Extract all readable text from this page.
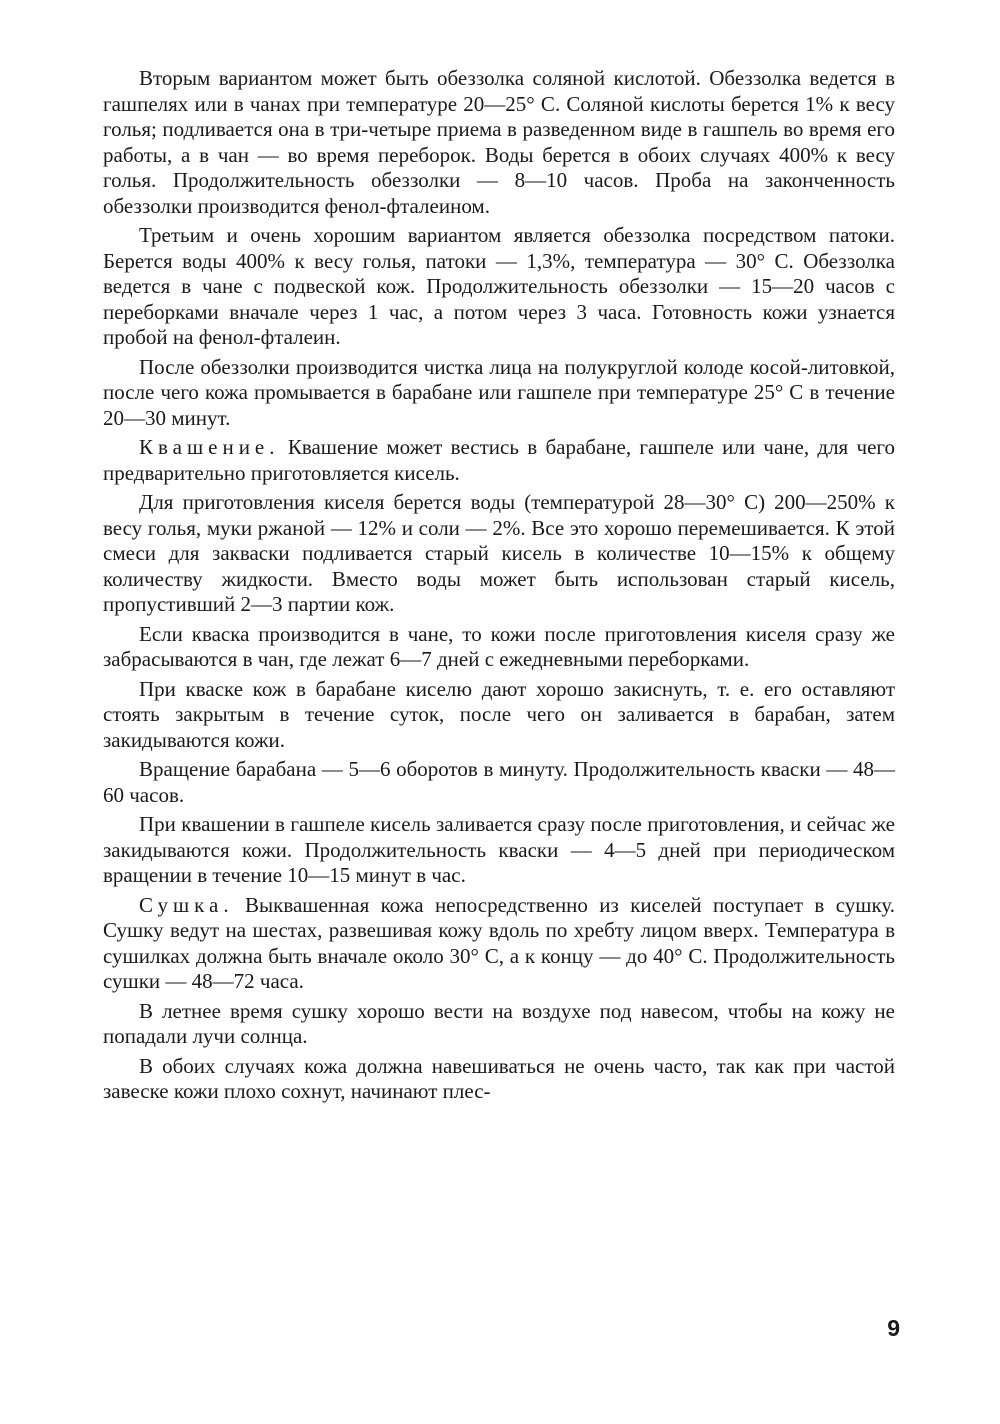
Вторым вариантом может быть обеззолка соляной кислотой. Обеззолка ведется в гашпелях или в чанах при температуре 20—25° С. Соляной кислоты берется 1% к весу голья; подливается она в три-четыре приема в разведенном виде в гашпель во время его работы, а в чан — во время переборок. Воды берется в обоих случаях 400% к весу голья. Продолжительность обеззолки — 8—10 часов. Проба на законченность обеззолки производится фенол-фталеином.

Третьим и очень хорошим вариантом является обеззолка посредством патоки. Берется воды 400% к весу голья, патоки — 1,3%, температура — 30° С. Обеззолка ведется в чане с подвеской кож. Продолжительность обеззолки — 15—20 часов с переборками вначале через 1 час, а потом через 3 часа. Готовность кожи узнается пробой на фенол-фталеин.

После обеззолки производится чистка лица на полукруглой колоде косой-литовкой, после чего кожа промывается в барабане или гашпеле при температуре 25° С в течение 20—30 минут.

Квашение. Квашение может вестись в барабане, гашпеле или чане, для чего предварительно приготовляется кисель.

Для приготовления киселя берется воды (температурой 28—30° С) 200—250% к весу голья, муки ржаной — 12% и соли — 2%. Все это хорошо перемешивается. К этой смеси для закваски подливается старый кисель в количестве 10—15% к общему количеству жидкости. Вместо воды может быть использован старый кисель, пропустивший 2—3 партии кож.

Если кваска производится в чане, то кожи после приготовления киселя сразу же забрасываются в чан, где лежат 6—7 дней с ежедневными переборками.

При кваске кож в барабане киселю дают хорошо закиснуть, т. е. его оставляют стоять закрытым в течение суток, после чего он заливается в барабан, затем закидываются кожи.

Вращение барабана — 5—6 оборотов в минуту. Продолжительность кваски — 48—60 часов.

При квашении в гашпеле кисель заливается сразу после приготовления, и сейчас же закидываются кожи. Продолжительность кваски — 4—5 дней при периодическом вращении в течение 10—15 минут в час.

Сушка. Выквашенная кожа непосредственно из киселей поступает в сушку. Сушку ведут на шестах, развешивая кожу вдоль по хребту лицом вверх. Температура в сушилках должна быть вначале около 30° С, а к концу — до 40° С. Продолжительность сушки — 48—72 часа.

В летнее время сушку хорошо вести на воздухе под навесом, чтобы на кожу не попадали лучи солнца.

В обоих случаях кожа должна навешиваться не очень часто, так как при частой завеске кожи плохо сохнут, начинают плес-

9
